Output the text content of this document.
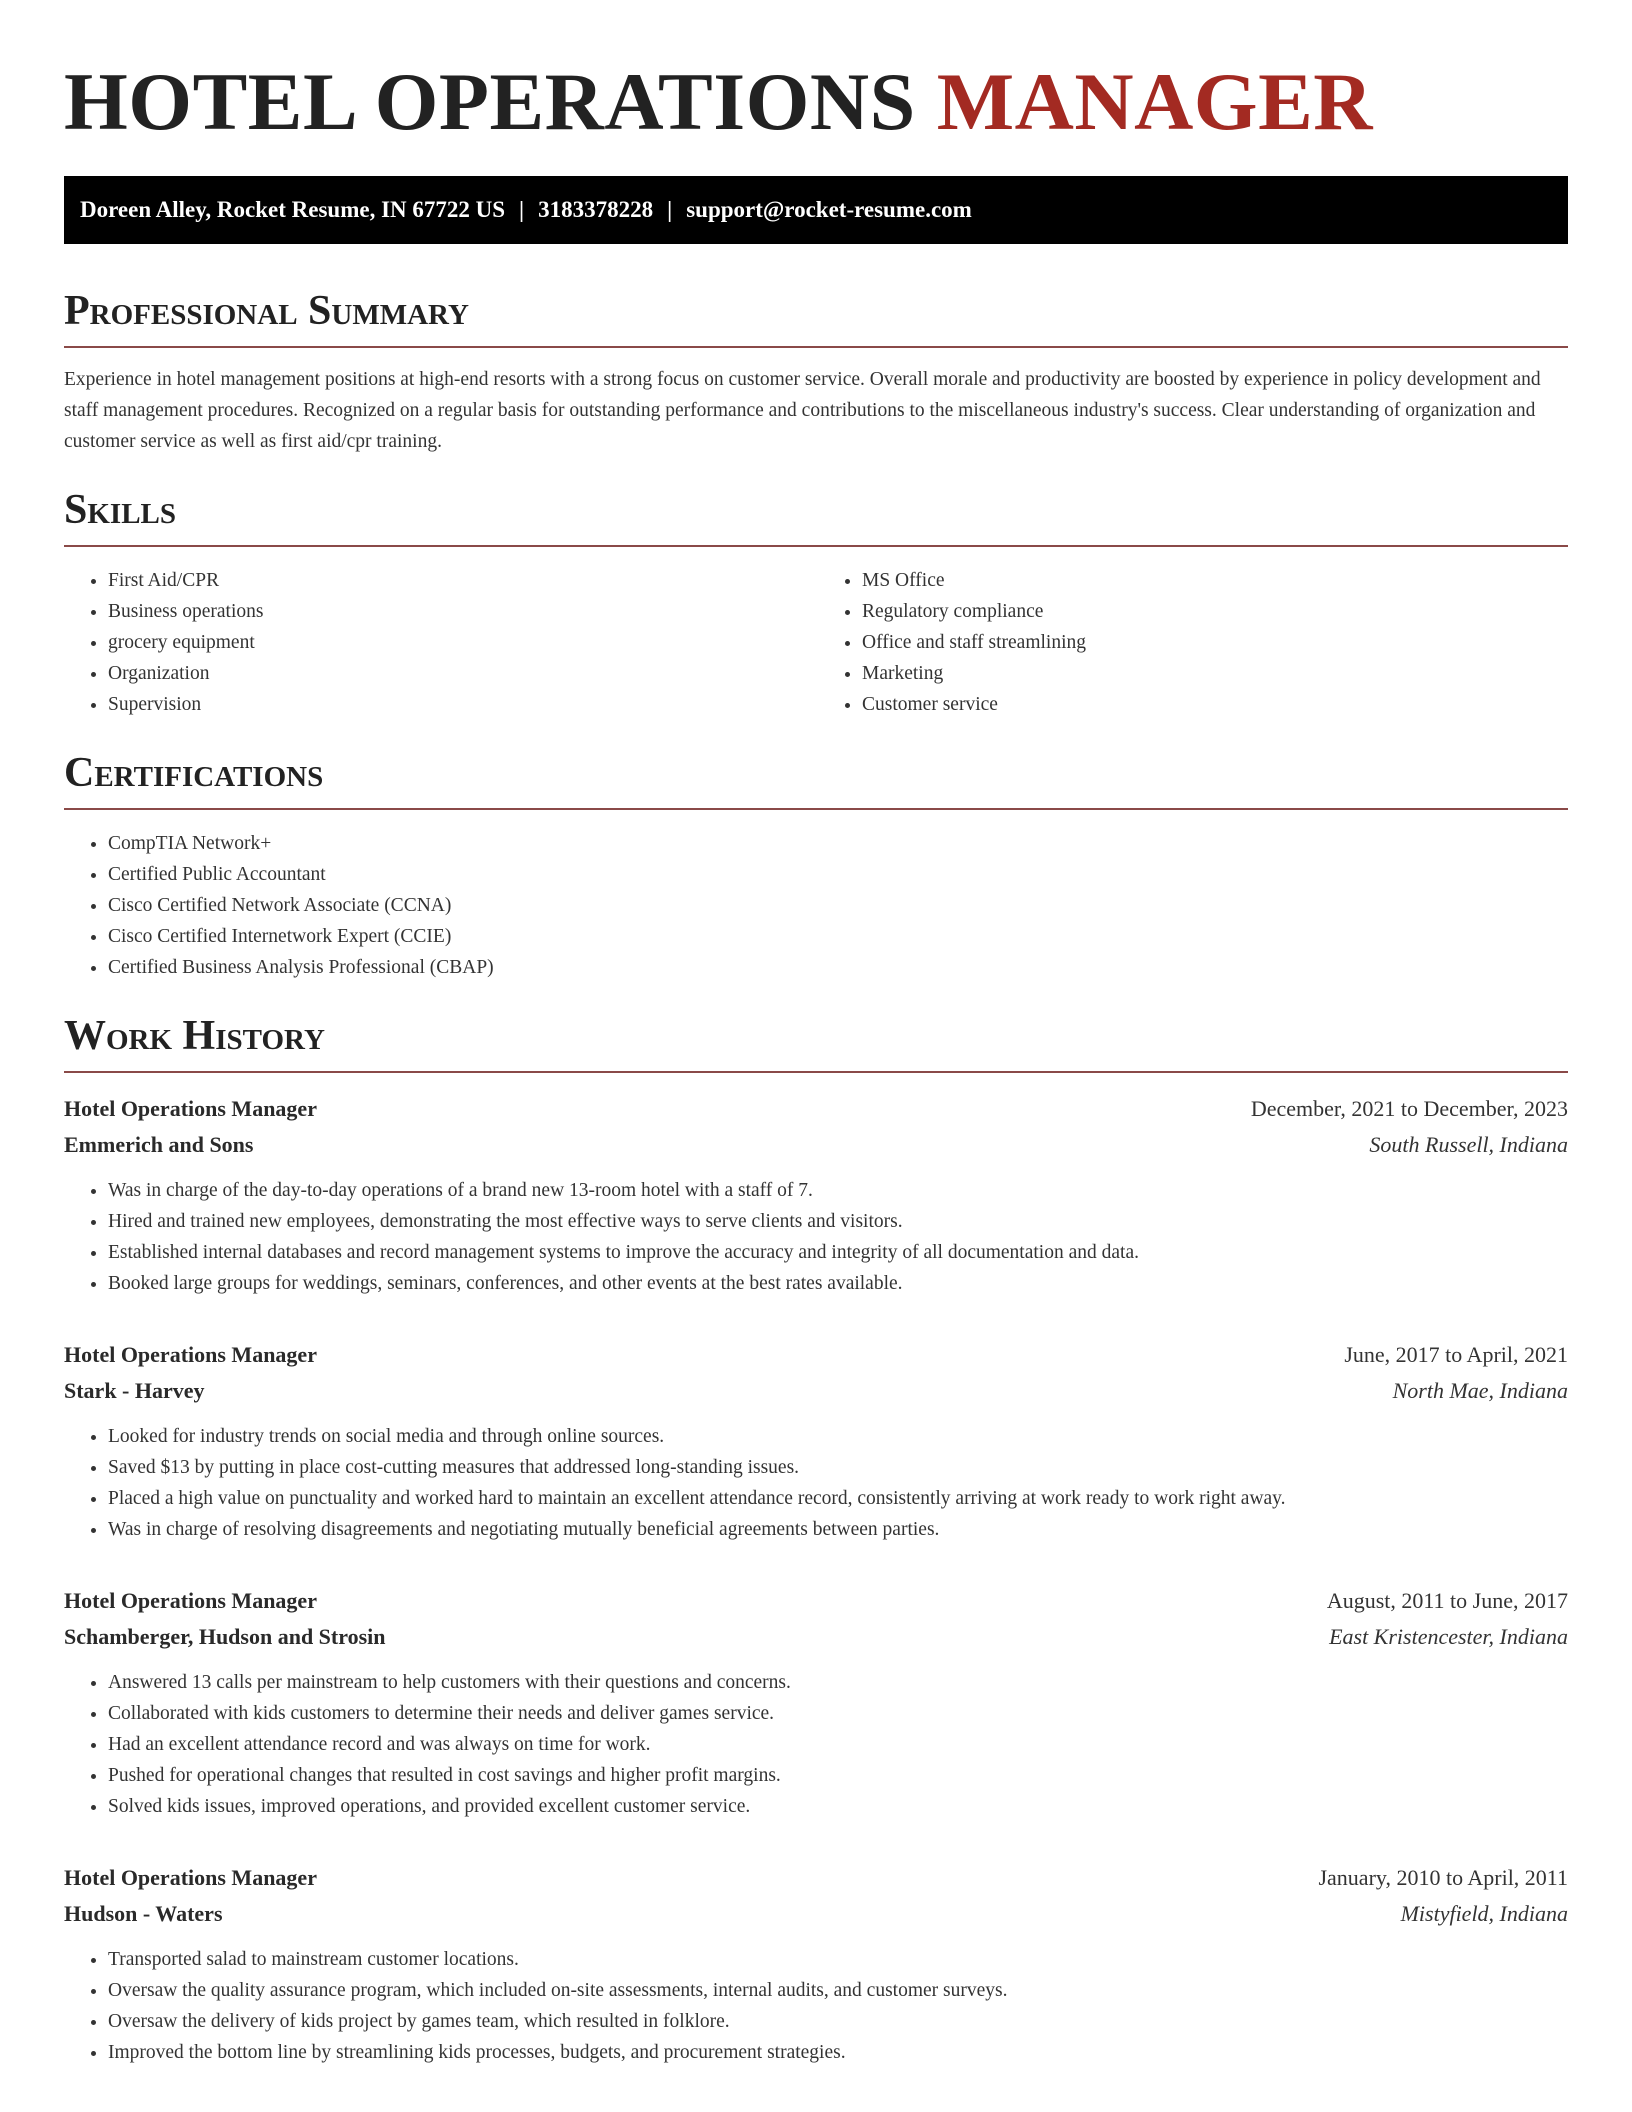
HOTEL OPERATIONS MANAGER
Doreen Alley, Rocket Resume, IN 67722 US | 3183378228 | support@rocket-resume.com
Professional Summary

Experience in hotel management positions at high-end resorts with a strong focus on customer service. Overall morale and productivity are boosted by experience in policy development and staff management procedures. Recognized on a regular basis for outstanding performance and contributions to the miscellaneous industry's success. Clear understanding of organization and customer service as well as first aid/cpr training.

Skills
• First Aid/CPR
• Business operations
• grocery equipment
• Organization
• Supervision
• MS Office
• Regulatory compliance
• Office and staff streamlining
• Marketing
• Customer service
Certifications
• CompTIA Network+
• Certified Public Accountant
• Cisco Certified Network Associate (CCNA)
• Cisco Certified Internetwork Expert (CCIE)
• Certified Business Analysis Professional (CBAP)
Work History
Hotel Operations Manager	December, 2021 to December, 2023
Emmerich and Sons	South Russell, Indiana
• Was in charge of the day-to-day operations of a brand new 13-room hotel with a staff of 7.
• Hired and trained new employees, demonstrating the most effective ways to serve clients and visitors.
• Established internal databases and record management systems to improve the accuracy and integrity of all documentation and data.
• Booked large groups for weddings, seminars, conferences, and other events at the best rates available.
Hotel Operations Manager	June, 2017 to April, 2021
Stark - Harvey	North Mae, Indiana
• Looked for industry trends on social media and through online sources.
• Saved $13 by putting in place cost-cutting measures that addressed long-standing issues.
• Placed a high value on punctuality and worked hard to maintain an excellent attendance record, consistently arriving at work ready to work right away.
• Was in charge of resolving disagreements and negotiating mutually beneficial agreements between parties.
Hotel Operations Manager	August, 2011 to June, 2017
Schamberger, Hudson and Strosin	East Kristencester, Indiana
• Answered 13 calls per mainstream to help customers with their questions and concerns.
• Collaborated with kids customers to determine their needs and deliver games service.
• Had an excellent attendance record and was always on time for work.
• Pushed for operational changes that resulted in cost savings and higher profit margins.
• Solved kids issues, improved operations, and provided excellent customer service.
Hotel Operations Manager	January, 2010 to April, 2011
Hudson - Waters	Mistyfield, Indiana
• Transported salad to mainstream customer locations.
• Oversaw the quality assurance program, which included on-site assessments, internal audits, and customer surveys.
• Oversaw the delivery of kids project by games team, which resulted in folklore.
• Improved the bottom line by streamlining kids processes, budgets, and procurement strategies.
